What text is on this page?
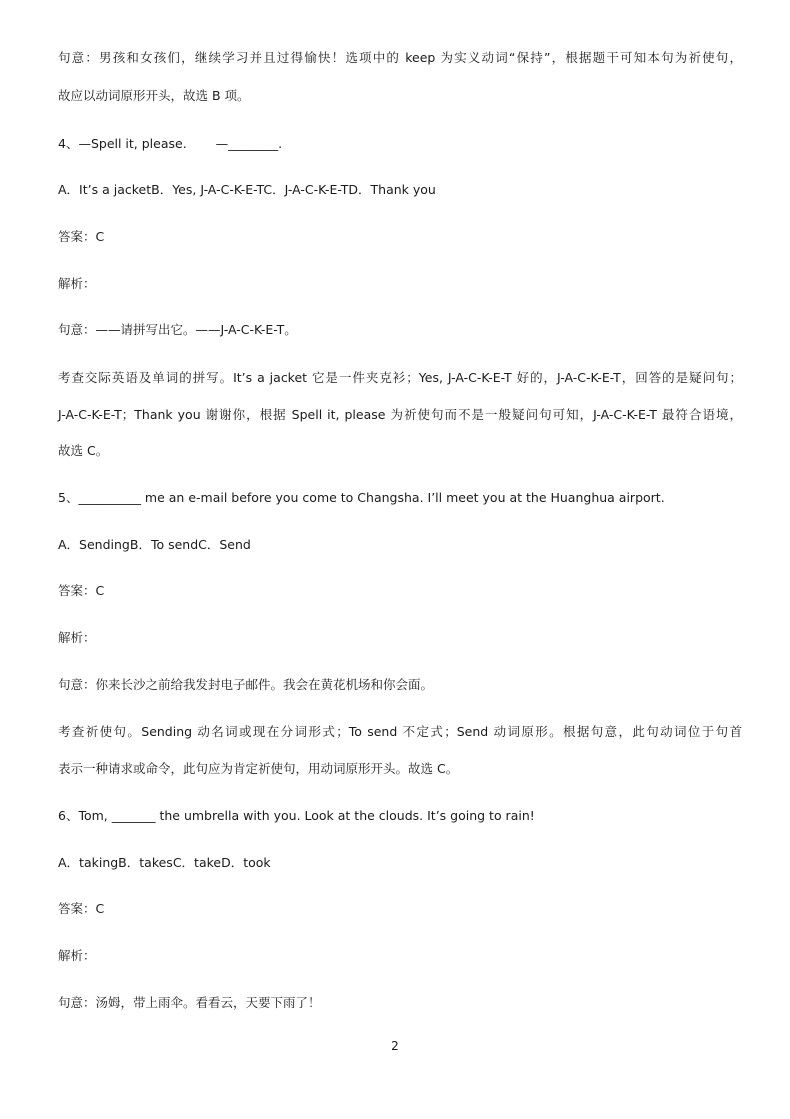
句意：男孩和女孩们，继续学习并且过得愉快！选项中的 keep 为实义动词“保持”，根据题干可知本句为祈使句，
故应以动词原形开头，故选 B 项。
4、—Spell it, please.　　 —________.
A．It’s a jacketB．Yes, J-A-C-K-E-TC．J-A-C-K-E-TD．Thank you
答案：C
解析：
句意：——请拼写出它。——J-A-C-K-E-T。
考查交际英语及单词的拼写。It’s a jacket 它是一件夹克衫；Yes, J-A-C-K-E-T 好的，J-A-C-K-E-T，回答的是疑问句；
J-A-C-K-E-T；Thank you 谢谢你，根据 Spell it, please 为祈使句而不是一般疑问句可知，J-A-C-K-E-T 最符合语境，
故选 C。
5、__________ me an e-mail before you come to Changsha. I’ll meet you at the Huanghua airport.
A．SendingB．To sendC．Send
答案：C
解析：
句意：你来长沙之前给我发封电子邮件。我会在黄花机场和你会面。
考查祈使句。Sending 动名词或现在分词形式；To send 不定式；Send 动词原形。根据句意，此句动词位于句首
表示一种请求或命令，此句应为肯定祈使句，用动词原形开头。故选 C。
6、Tom, _______ the umbrella with you. Look at the clouds. It’s going to rain!
A．takingB．takesC．takeD．took
答案：C
解析：
句意：汤姆，带上雨伞。看看云，天要下雨了！
2
